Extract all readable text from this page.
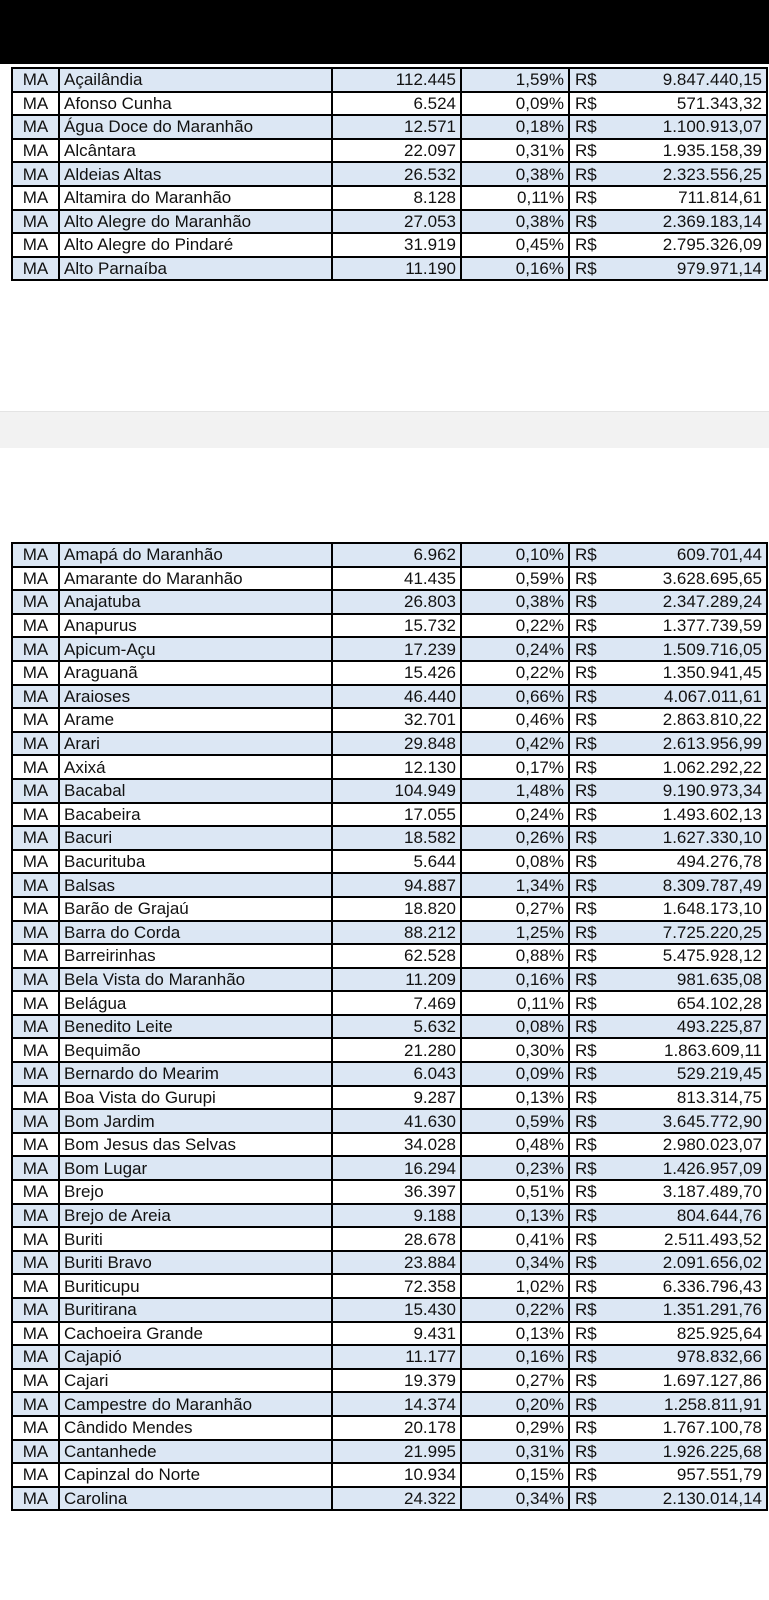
MA	Açailândia	112.445	1,59%	R$	9.847.440,15
MA	Afonso Cunha	6.524	0,09%	R$	571.343,32
MA	Água Doce do Maranhão	12.571	0,18%	R$	1.100.913,07
MA	Alcântara	22.097	0,31%	R$	1.935.158,39
MA	Aldeias Altas	26.532	0,38%	R$	2.323.556,25
MA	Altamira do Maranhão	8.128	0,11%	R$	711.814,61
MA	Alto Alegre do Maranhão	27.053	0,38%	R$	2.369.183,14
MA	Alto Alegre do Pindaré	31.919	0,45%	R$	2.795.326,09
MA	Alto Parnaíba	11.190	0,16%	R$	979.971,14
MA	Amapá do Maranhão	6.962	0,10%	R$	609.701,44
MA	Amarante do Maranhão	41.435	0,59%	R$	3.628.695,65
MA	Anajatuba	26.803	0,38%	R$	2.347.289,24
MA	Anapurus	15.732	0,22%	R$	1.377.739,59
MA	Apicum-Açu	17.239	0,24%	R$	1.509.716,05
MA	Araguanã	15.426	0,22%	R$	1.350.941,45
MA	Araioses	46.440	0,66%	R$	4.067.011,61
MA	Arame	32.701	0,46%	R$	2.863.810,22
MA	Arari	29.848	0,42%	R$	2.613.956,99
MA	Axixá	12.130	0,17%	R$	1.062.292,22
MA	Bacabal	104.949	1,48%	R$	9.190.973,34
MA	Bacabeira	17.055	0,24%	R$	1.493.602,13
MA	Bacuri	18.582	0,26%	R$	1.627.330,10
MA	Bacurituba	5.644	0,08%	R$	494.276,78
MA	Balsas	94.887	1,34%	R$	8.309.787,49
MA	Barão de Grajaú	18.820	0,27%	R$	1.648.173,10
MA	Barra do Corda	88.212	1,25%	R$	7.725.220,25
MA	Barreirinhas	62.528	0,88%	R$	5.475.928,12
MA	Bela Vista do Maranhão	11.209	0,16%	R$	981.635,08
MA	Belágua	7.469	0,11%	R$	654.102,28
MA	Benedito Leite	5.632	0,08%	R$	493.225,87
MA	Bequimão	21.280	0,30%	R$	1.863.609,11
MA	Bernardo do Mearim	6.043	0,09%	R$	529.219,45
MA	Boa Vista do Gurupi	9.287	0,13%	R$	813.314,75
MA	Bom Jardim	41.630	0,59%	R$	3.645.772,90
MA	Bom Jesus das Selvas	34.028	0,48%	R$	2.980.023,07
MA	Bom Lugar	16.294	0,23%	R$	1.426.957,09
MA	Brejo	36.397	0,51%	R$	3.187.489,70
MA	Brejo de Areia	9.188	0,13%	R$	804.644,76
MA	Buriti	28.678	0,41%	R$	2.511.493,52
MA	Buriti Bravo	23.884	0,34%	R$	2.091.656,02
MA	Buriticupu	72.358	1,02%	R$	6.336.796,43
MA	Buritirana	15.430	0,22%	R$	1.351.291,76
MA	Cachoeira Grande	9.431	0,13%	R$	825.925,64
MA	Cajapió	11.177	0,16%	R$	978.832,66
MA	Cajari	19.379	0,27%	R$	1.697.127,86
MA	Campestre do Maranhão	14.374	0,20%	R$	1.258.811,91
MA	Cândido Mendes	20.178	0,29%	R$	1.767.100,78
MA	Cantanhede	21.995	0,31%	R$	1.926.225,68
MA	Capinzal do Norte	10.934	0,15%	R$	957.551,79
MA	Carolina	24.322	0,34%	R$	2.130.014,14
